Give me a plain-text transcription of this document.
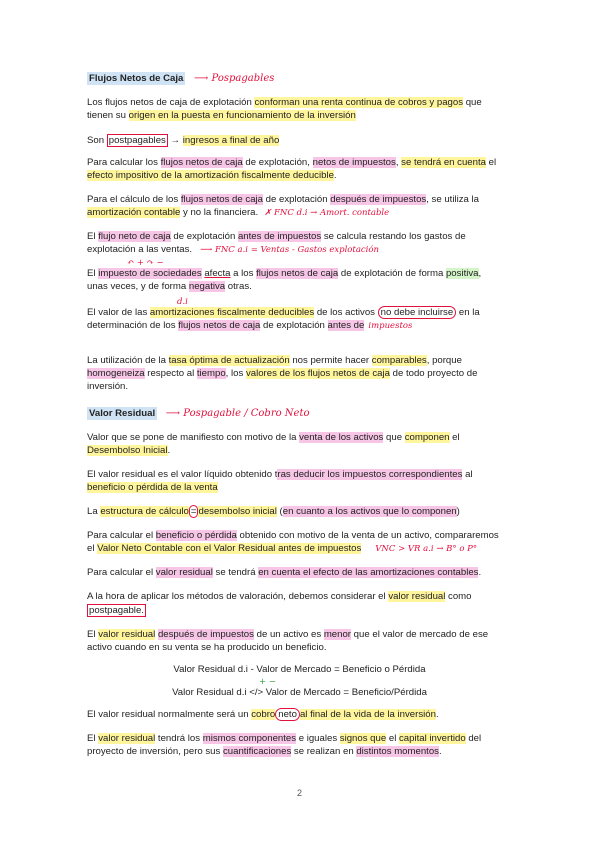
Flujos Netos de Caja ⟶ Pospagables
Los flujos netos de caja de explotación conforman una renta continua de cobros y pagos que
tienen su origen en la puesta en funcionamiento de la inversión
Son postpagables → ingresos a final de año
Para calcular los flujos netos de caja de explotación, netos de impuestos, se tendrá en cuenta el
efecto impositivo de la amortización fiscalmente deducible.
Para el cálculo de los flujos netos de caja de explotación después de impuestos, se utiliza la
amortización contable y no la financiera. ✗ FNC d.i → Amort. contable
El flujo neto de caja de explotación antes de impuestos se calcula restando los gastos de
explotación a las ventas. ⟶ FNC a.i = Ventas - Gastos explotación
↶ + ↷ −
El impuesto de sociedades afecta a los flujos netos de caja de explotación de forma positiva,
unas veces, y de forma negativa otras.
d.i
El valor de las amortizaciones fiscalmente deducibles de los activos no debe incluirse en la
determinación de los flujos netos de caja de explotación antes de impuestos
La utilización de la tasa óptima de actualización nos permite hacer comparables, porque
homogeneiza respecto al tiempo, los valores de los flujos netos de caja de todo proyecto de
inversión.
Valor Residual ⟶ Pospagable / Cobro Neto
Valor que se pone de manifiesto con motivo de la venta de los activos que componen el
Desembolso Inicial.
El valor residual es el valor líquido obtenido tras deducir los impuestos correspondientes al
beneficio o pérdida de la venta
La estructura de cálculo = desembolso inicial (en cuanto a los activos que lo componen)
Para calcular el beneficio o pérdida obtenido con motivo de la venta de un activo, compararemos
el Valor Neto Contable con el Valor Residual antes de impuestos VNC > VR a.i → B° o P°
Para calcular el valor residual se tendrá en cuenta el efecto de las amortizaciones contables.
A la hora de aplicar los métodos de valoración, debemos considerar el valor residual como
postpagable.
El valor residual después de impuestos de un activo es menor que el valor de mercado de ese
activo cuando en su venta se ha producido un beneficio.
Valor Residual d.i - Valor de Mercado = Beneficio o Pérdida
+ −
Valor Residual d.i </> Valor de Mercado = Beneficio/Pérdida
El valor residual normalmente será un cobro neto al final de la vida de la inversión.
El valor residual tendrá los mismos componentes e iguales signos que el capital invertido del
proyecto de inversión, pero sus cuantificaciones se realizan en distintos momentos.
2
